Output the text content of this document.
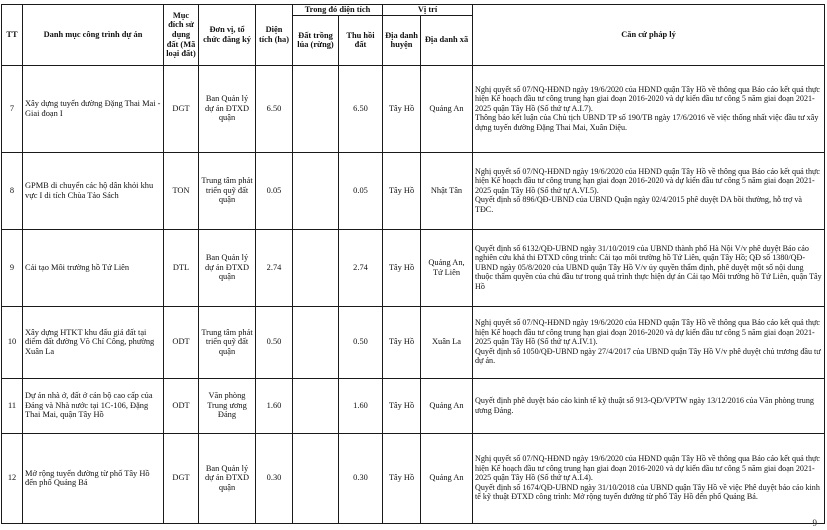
TT	Danh mục công trình dự án	Mục đích sử dụng đất (Mã loại đất)	Đơn vị, tổ chức đăng ký	Diện tích (ha)	Trong đó diện tích		Vị trí		Căn cứ pháp lý
					Đất trồng lúa (rừng)	Thu hồi đất	Địa danh huyện	Địa danh xã	
7	Xây dựng tuyến đường Đặng Thai Mai - Giai đoạn I	DGT	Ban Quản lý dự án ĐTXD quận	6.50		6.50	Tây Hồ	Quảng An	Nghị quyết số 07/NQ-HĐND ngày 19/6/2020 của HĐND quận Tây Hồ về thông qua Báo cáo kết quả thực hiện Kế hoạch đầu tư công trung hạn giai đoạn 2016-2020 và dự kiến đầu tư công 5 năm giai đoạn 2021-2025 quận Tây Hồ (Số thứ tự A.I.7).
Thông báo kết luận của Chủ tịch UBND TP số 190/TB ngày 17/6/2016 về việc thống nhất việc đầu tư xây dựng tuyến đường Đặng Thai Mai, Xuân Diệu.

8	GPMB di chuyển các hộ dân khỏi khu vực I di tích Chùa Tảo Sách	TON	Trung tâm phát triển quỹ đất quận	0.05		0.05	Tây Hồ	Nhật Tân	Nghị quyết số 07/NQ-HĐND ngày 19/6/2020 của HĐND quận Tây Hồ về thông qua Báo cáo kết quả thực hiện Kế hoạch đầu tư công trung hạn giai đoạn 2016-2020 và dự kiến đầu tư công 5 năm giai đoạn 2021-2025 quận Tây Hồ (Số thứ tự A.VI.5).
Quyết định số 896/QĐ-UBND của UBND Quận ngày 02/4/2015 phê duyệt DA bồi thường, hỗ trợ và TĐC.

9	Cải tạo Môi trường hồ Tứ Liên	DTL	Ban Quản lý dự án ĐTXD quận	2.74		2.74	Tây Hồ	Quảng An, Tứ Liên	Quyết định số 6132/QĐ-UBND ngày 31/10/2019 của UBND thành phố Hà Nội V/v phê duyệt Báo cáo nghiên cứu khả thi ĐTXD công trình: Cải tạo môi trường hồ Tứ Liên, quận Tây Hồ; QĐ số 1380/QĐ-UBND ngày 05/8/2020 của UBND quận Tây Hồ V/v ủy quyền thẩm định, phê duyệt một số nội dung thuộc thẩm quyền của chủ đầu tư trong quá trình thực hiện dự án Cải tạo Môi trường hồ Tứ Liên, quận Tây Hồ

10	Xây dựng HTKT khu đấu giá đất tại điểm đất đường Võ Chí Công, phường Xuân La	ODT	Trung tâm phát triển quỹ đất quận	0.50		0.50	Tây Hồ	Xuân La	Nghị quyết số 07/NQ-HĐND ngày 19/6/2020 của HĐND quận Tây Hồ về thông qua Báo cáo kết quả thực hiện Kế hoạch đầu tư công trung hạn giai đoạn 2016-2020 và dự kiến đầu tư công 5 năm giai đoạn 2021-2025 quận Tây Hồ (Số thứ tự A.IV.1).
Quyết định số 1050/QĐ-UBND ngày 27/4/2017 của UBND quận Tây Hồ V/v phê duyệt chủ trương đầu tư dự án.

11	Dự án nhà ở, đất ở cán bộ cao cấp của Đảng và Nhà nước tại 1C-106, Đặng Thai Mai, quận Tây Hồ	ODT	Văn phòng Trung ương Đảng	1.60		1.60	Tây Hồ	Quảng An	Quyết định phê duyệt báo cáo kinh tế kỹ thuật số 913-QĐ/VPTW ngày 13/12/2016 của Văn phòng trung ương Đảng.

12	Mở rộng tuyến đường từ phố Tây Hồ đến phố Quảng Bá	DGT	Ban Quản lý dự án ĐTXD quận	0.30		0.30	Tây Hồ	Quảng An	Nghị quyết số 07/NQ-HĐND ngày 19/6/2020 của HĐND quận Tây Hồ về thông qua Báo cáo kết quả thực hiện Kế hoạch đầu tư công trung hạn giai đoạn 2016-2020 và dự kiến đầu tư công 5 năm giai đoạn 2021-2025 quận Tây Hồ (Số thứ tự A.I.4).
Quyết định số 1674/QĐ-UBND ngày 31/10/2018 của UBND quận Tây Hồ về việc Phê duyệt báo cáo kinh tế kỹ thuật ĐTXD công trình: Mở rộng tuyến đường từ phố Tây Hồ đến phố Quảng Bá.
9
